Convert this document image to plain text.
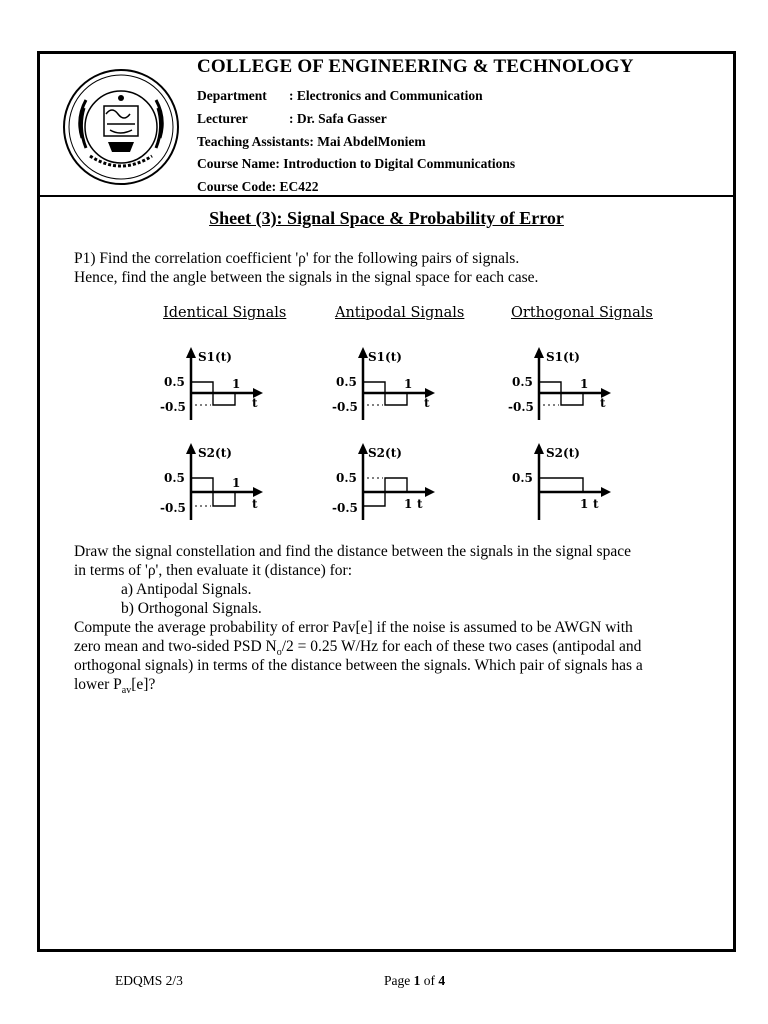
COLLEGE OF ENGINEERING & TECHNOLOGY
Department : Electronics and Communication
Lecturer	: Dr. Safa Gasser
Teaching Assistants: Mai AbdelMoniem
Course Name: Introduction to Digital Communications
Course Code: EC422
Sheet (3): Signal Space & Probability of Error
P1) Find the correlation coefficient 'ρ' for the following pairs of signals.
Hence, find the angle between the signals in the signal space for each case.
Identical Signals	Antipodal Signals	Orthogonal Signals
S1(t)
0.5
-0.5
1
t
S2(t)
0.5
-0.5
1
t
S1(t)
0.5
-0.5
1
t
S2(t)
0.5
-0.5	1 t
S1(t)
0.5
-0.5
1
t
S2(t)
0.5
1 t
Draw the signal constellation and find the distance between the signals in the signal space
in terms of 'ρ', then evaluate it (distance) for:
a) Antipodal Signals.
b) Orthogonal Signals.
Compute the average probability of error Pav[e] if the noise is assumed to be AWGN with
zero mean and two-sided PSD $N_o/2 = 0.25$ W/Hz for each of these two cases (antipodal and
orthogonal signals) in terms of the distance between the signals. Which pair of signals has a
lower $P_{av}[e]$?
EDQMS 2/3	Page 1 of 4
